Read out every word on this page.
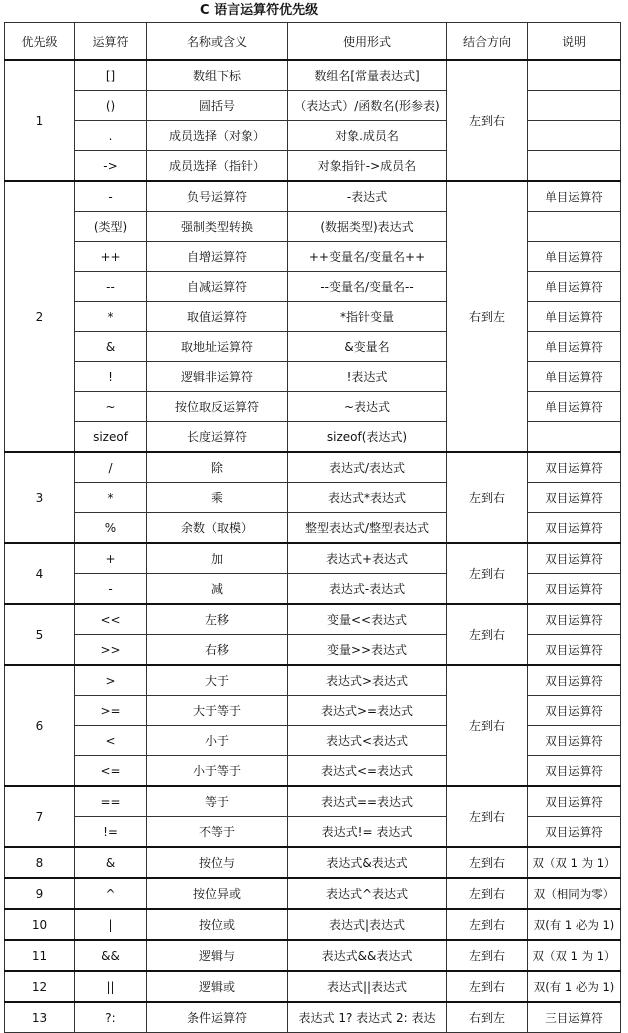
C 语言运算符优先级
优先级	运算符	名称或含义	使用形式	结合方向	说明
1	[]	数组下标	数组名[常量表达式]	左到右	
	()	圆括号	（表达式）/函数名(形参表)		
	.	成员选择（对象）	对象.成员名		
	->	成员选择（指针）	对象指针->成员名		
2	-	负号运算符	-表达式	右到左	单目运算符
	(类型)	强制类型转换	(数据类型)表达式		
	++	自增运算符	++变量名/变量名++		单目运算符
	--	自减运算符	--变量名/变量名--		单目运算符
	*	取值运算符	*指针变量		单目运算符
	&	取地址运算符	&变量名		单目运算符
	!	逻辑非运算符	!表达式		单目运算符
	~	按位取反运算符	~表达式		单目运算符
	sizeof	长度运算符	sizeof(表达式)		
3	/	除	表达式/表达式	左到右	双目运算符
	*	乘	表达式*表达式		双目运算符
	%	余数（取模）	整型表达式/整型表达式		双目运算符
4	+	加	表达式+表达式	左到右	双目运算符
	-	减	表达式-表达式		双目运算符
5	<<	左移	变量<<表达式	左到右	双目运算符
	>>	右移	变量>>表达式		双目运算符
6	>	大于	表达式>表达式	左到右	双目运算符
	>=	大于等于	表达式>=表达式		双目运算符
	<	小于	表达式<表达式		双目运算符
	<=	小于等于	表达式<=表达式		双目运算符
7	==	等于	表达式==表达式	左到右	双目运算符
	!=	不等于	表达式!= 表达式		双目运算符
8	&	按位与	表达式&表达式	左到右	双（双 1 为 1）
9	^	按位异或	表达式^表达式	左到右	双（相同为零）
10	|	按位或	表达式|表达式	左到右	双(有 1 必为 1)
11	&&	逻辑与	表达式&&表达式	左到右	双（双 1 为 1）
12	||	逻辑或	表达式||表达式	左到右	双(有 1 必为 1)
13	?:	条件运算符	表达式 1? 表达式 2: 表达	右到左	三目运算符
